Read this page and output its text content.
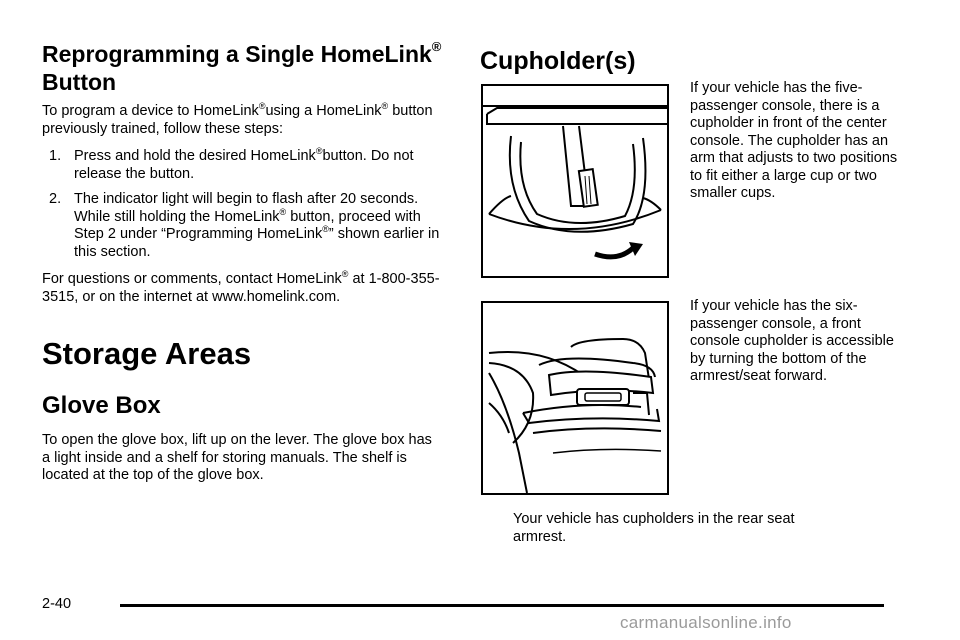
Reprogramming a Single HomeLink®
Button

To program a device to HomeLink®using a HomeLink® button previously trained, follow these steps:

1. Press and hold the desired HomeLink®button. Do not release the button.
2. The indicator light will begin to flash after 20 seconds. While still holding the HomeLink® button, proceed with Step 2 under “Programming HomeLink®” shown earlier in this section.

For questions or comments, contact HomeLink® at 1-800-355-3515, or on the internet at www.homelink.com.

Storage Areas
Glove Box

To open the glove box, lift up on the lever. The glove box has a light inside and a shelf for storing manuals. The shelf is located at the top of the glove box.

Cupholder(s)

If your vehicle has the five-passenger console, there is a cupholder in front of the center console. The cupholder has an arm that adjusts to two positions to fit either a large cup or two smaller cups.

If your vehicle has the six-passenger console, a front console cupholder is accessible by turning the bottom of the armrest/seat forward.

Your vehicle has cupholders in the rear seat armrest.

2-40
carmanualsonline.info
